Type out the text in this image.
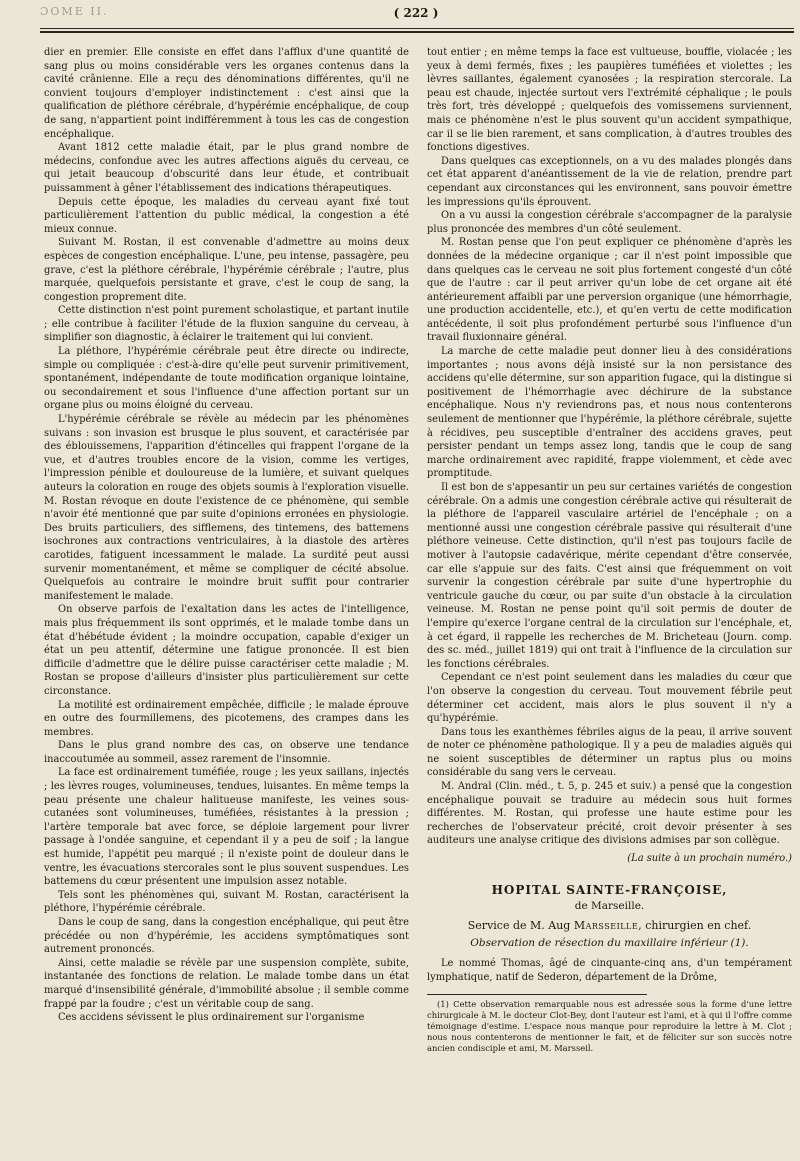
ƆOME II.	( 222 )

dier en premier. Elle consiste en effet dans l'afflux d'une quantité de sang plus ou moins considérable vers les organes contenus dans la cavité crânienne. Elle a reçu des dénominations différentes, qu'il ne convient toujours d'employer indistinctement : c'est ainsi que la qualification de pléthore cérébrale, d'hypérémie encéphalique, de coup de sang, n'appartient point indifféremment à tous les cas de congestion encéphalique.

Avant 1812 cette maladie était, par le plus grand nombre de médecins, confondue avec les autres affections aiguës du cerveau, ce qui jetait beaucoup d'obscurité dans leur étude, et contribuait puissamment à gêner l'établissement des indications thérapeutiques.

Depuis cette époque, les maladies du cerveau ayant fixé tout particulièrement l'attention du public médical, la congestion a été mieux connue.

Suivant M. Rostan, il est convenable d'admettre au moins deux espèces de congestion encéphalique. L'une, peu intense, passagère, peu grave, c'est la pléthore cérébrale, l'hypérémie cérébrale ; l'autre, plus marquée, quelquefois persistante et grave, c'est le coup de sang, la congestion proprement dite.

Cette distinction n'est point purement scholastique, et partant inutile ; elle contribue à faciliter l'étude de la fluxion sanguine du cerveau, à simplifier son diagnostic, à éclairer le traitement qui lui convient.

La pléthore, l'hypérémie cérébrale peut être directe ou indirecte, simple ou compliquée : c'est-à-dire qu'elle peut survenir primitivement, spontanément, indépendante de toute modification organique lointaine, ou secondairement et sous l'influence d'une affection portant sur un organe plus ou moins éloigné du cerveau.

L'hypérémie cérébrale se révèle au médecin par les phénomènes suivans : son invasion est brusque le plus souvent, et caractérisée par des éblouissemens, l'apparition d'étincelles qui frappent l'organe de la vue, et d'autres troubles encore de la vision, comme les vertiges, l'impression pénible et douloureuse de la lumière, et suivant quelques auteurs la coloration en rouge des objets soumis à l'exploration visuelle. M. Rostan révoque en doute l'existence de ce phénomène, qui semble n'avoir été mentionné que par suite d'opinions erronées en physiologie. Des bruits particuliers, des sifflemens, des tintemens, des battemens isochrones aux contractions ventriculaires, à la diastole des artères carotides, fatiguent incessamment le malade. La surdité peut aussi survenir momentanément, et même se compliquer de cécité absolue. Quelquefois au contraire le moindre bruit suffit pour contrarier manifestement le malade.

On observe parfois de l'exaltation dans les actes de l'intelligence, mais plus fréquemment ils sont opprimés, et le malade tombe dans un état d'hébétude évident ; la moindre occupation, capable d'exiger un état un peu attentif, détermine une fatigue prononcée. Il est bien difficile d'admettre que le délire puisse caractériser cette maladie ; M. Rostan se propose d'ailleurs d'insister plus particulièrement sur cette circonstance.

La motilité est ordinairement empêchée, difficile ; le malade éprouve en outre des fourmillemens, des picotemens, des crampes dans les membres.

Dans le plus grand nombre des cas, on observe une tendance inaccoutumée au sommeil, assez rarement de l'insomnie.

La face est ordinairement tuméfiée, rouge ; les yeux saillans, injectés ; les lèvres rouges, volumineuses, tendues, luisantes. En même temps la peau présente une chaleur halitueuse manifeste, les veines sous-cutanées sont volumineuses, tuméfiées, résistantes à la pression ; l'artère temporale bat avec force, se déploie largement pour livrer passage à l'ondée sanguine, et cependant il y a peu de soif ; la langue est humide, l'appétit peu marqué ; il n'existe point de douleur dans le ventre, les évacuations stercorales sont le plus souvent suspendues. Les battemens du cœur présentent une impulsion assez notable.

Tels sont les phénomènes qui, suivant M. Rostan, caractérisent la pléthore, l'hypérémie cérébrale.

Dans le coup de sang, dans la congestion encéphalique, qui peut être précédée ou non d'hypérémie, les accidens symptômatiques sont autrement prononcés.

Ainsi, cette maladie se révèle par une suspension complète, subite, instantanée des fonctions de relation. Le malade tombe dans un état marqué d'insensibilité générale, d'immobilité absolue ; il semble comme frappé par la foudre ; c'est un véritable coup de sang.

Ces accidens sévissent le plus ordinairement sur l'organisme

tout entier ; en même temps la face est vultueuse, bouffie, violacée ; les yeux à demi fermés, fixes ; les paupières tuméfiées et violettes ; les lèvres saillantes, également cyanosées ; la respiration stercorale. La peau est chaude, injectée surtout vers l'extrémité céphalique ; le pouls très fort, très développé ; quelquefois des vomissemens surviennent, mais ce phénomène n'est le plus souvent qu'un accident sympathique, car il se lie bien rarement, et sans complication, à d'autres troubles des fonctions digestives.

Dans quelques cas exceptionnels, on a vu des malades plongés dans cet état apparent d'anéantissement de la vie de relation, prendre part cependant aux circonstances qui les environnent, sans pouvoir émettre les impressions qu'ils éprouvent.

On a vu aussi la congestion cérébrale s'accompagner de la paralysie plus prononcée des membres d'un côté seulement.

M. Rostan pense que l'on peut expliquer ce phénomène d'après les données de la médecine organique ; car il n'est point impossible que dans quelques cas le cerveau ne soit plus fortement congesté d'un côté que de l'autre : car il peut arriver qu'un lobe de cet organe ait été antérieurement affaibli par une perversion organique (une hémorrhagie, une production accidentelle, etc.), et qu'en vertu de cette modification antécédente, il soit plus profondément perturbé sous l'influence d'un travail fluxionnaire général.

La marche de cette maladie peut donner lieu à des considérations importantes ; nous avons déjà insisté sur la non persistance des accidens qu'elle détermine, sur son apparition fugace, qui la distingue si positivement de l'hémorrhagie avec déchirure de la substance encéphalique. Nous n'y reviendrons pas, et nous nous contenterons seulement de mentionner que l'hypérémie, la pléthore cérébrale, sujette à récidives, peu susceptible d'entraîner des accidens graves, peut persister pendant un temps assez long, tandis que le coup de sang marche ordinairement avec rapidité, frappe violemment, et cède avec promptitude.

Il est bon de s'appesantir un peu sur certaines variétés de congestion cérébrale. On a admis une congestion cérébrale active qui résulterait de la pléthore de l'appareil vasculaire artériel de l'encéphale ; on a mentionné aussi une congestion cérébrale passive qui résulterait d'une pléthore veineuse. Cette distinction, qu'il n'est pas toujours facile de motiver à l'autopsie cadavérique, mérite cependant d'être conservée, car elle s'appuie sur des faits. C'est ainsi que fréquemment on voit survenir la congestion cérébrale par suite d'une hypertrophie du ventricule gauche du cœur, ou par suite d'un obstacle à la circulation veineuse. M. Rostan ne pense point qu'il soit permis de douter de l'empire qu'exerce l'organe central de la circulation sur l'encéphale, et, à cet égard, il rappelle les recherches de M. Bricheteau (Journ. comp. des sc. méd., juillet 1819) qui ont trait à l'influence de la circulation sur les fonctions cérébrales.

Cependant ce n'est point seulement dans les maladies du cœur que l'on observe la congestion du cerveau. Tout mouvement fébrile peut déterminer cet accident, mais alors le plus souvent il n'y a qu'hypérémie.

Dans tous les exanthèmes fébriles aigus de la peau, il arrive souvent de noter ce phénomène pathologique. Il y a peu de maladies aiguës qui ne soient susceptibles de déterminer un raptus plus ou moins considérable du sang vers le cerveau.

M. Andral (Clin. méd., t. 5, p. 245 et suiv.) a pensé que la congestion encéphalique pouvait se traduire au médecin sous huit formes différentes. M. Rostan, qui professe une haute estime pour les recherches de l'observateur précité, croit devoir présenter à ses auditeurs une analyse critique des divisions admises par son collègue.

(La suite à un prochain numéro.)

HOPITAL SAINTE-FRANÇOISE,

de Marseille.

Service de M. Aug Marsseille, chirurgien en chef.

Observation de résection du maxillaire inférieur (1).

Le nommé Thomas, âgé de cinquante-cinq ans, d'un tempérament lymphatique, natif de Sederon, département de la Drôme,

(1) Cette observation remarquable nous est adressée sous la forme d'une lettre chirurgicale à M. le docteur Clot-Bey, dont l'auteur est l'ami, et à qui il l'offre comme témoignage d'estime. L'espace nous manque pour reproduire la lettre à M. Clot ; nous nous contenterons de mentionner le fait, et de féliciter sur son succès notre ancien condisciple et ami, M. Marsseil.
